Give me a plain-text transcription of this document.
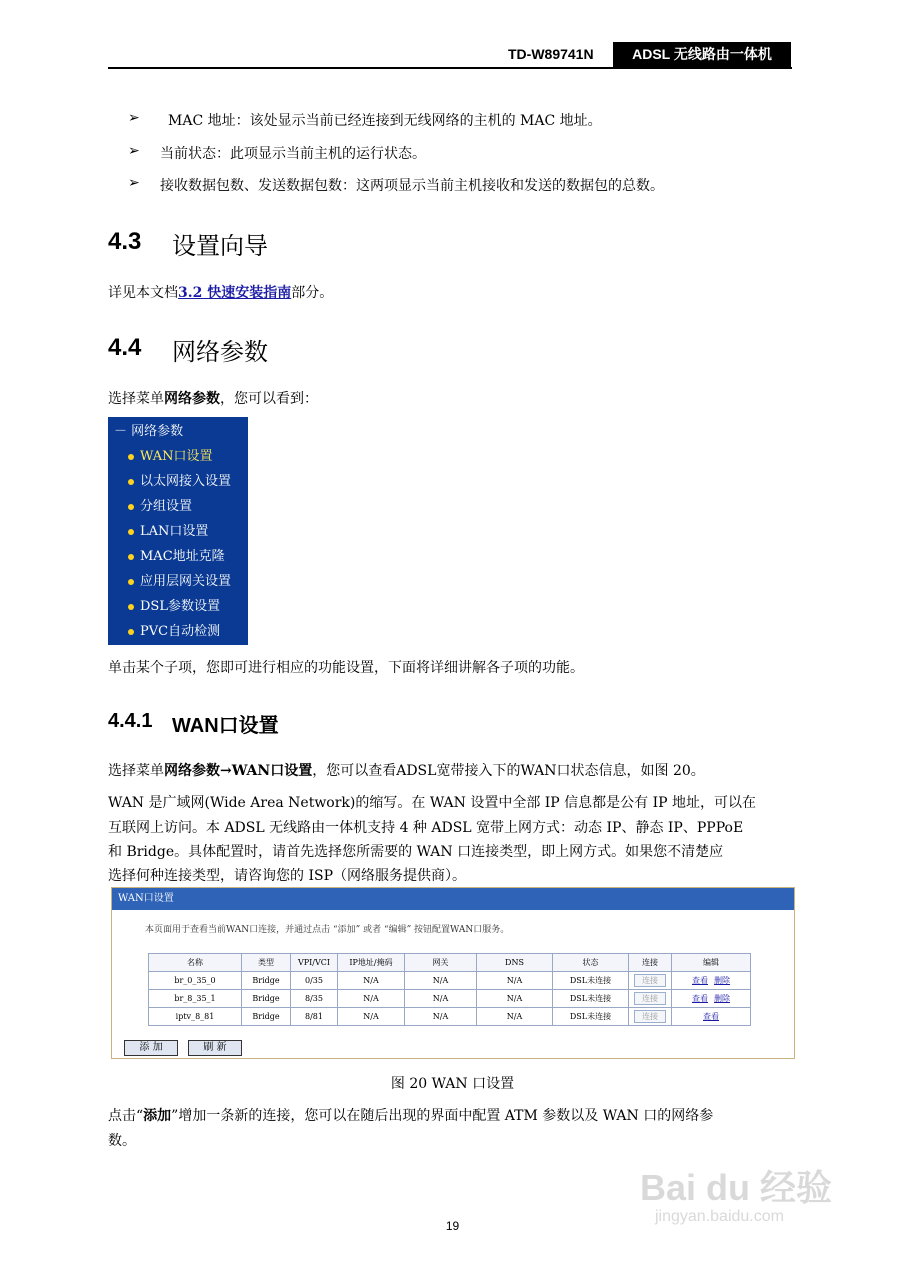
TD-W89741N	ADSL 无线路由一体机
➢ MAC 地址：该处显示当前已经连接到无线网络的主机的 MAC 地址。
➢ 当前状态：此项显示当前主机的运行状态。
➢ 接收数据包数、发送数据包数：这两项显示当前主机接收和发送的数据包的总数。
4.3 设置向导
详见本文档3.2 快速安装指南部分。
4.4 网络参数
选择菜单网络参数，您可以看到：
－ 网络参数
WAN口设置
以太网接入设置
分组设置
LAN口设置
MAC地址克隆
应用层网关设置
DSL参数设置
PVC自动检测
单击某个子项，您即可进行相应的功能设置，下面将详细讲解各子项的功能。
4.4.1 WAN口设置
选择菜单网络参数→WAN口设置，您可以查看ADSL宽带接入下的WAN口状态信息，如图 20。
WAN 是广域网(Wide Area Network)的缩写。在 WAN 设置中全部 IP 信息都是公有 IP 地址，可以在
互联网上访问。本 ADSL 无线路由一体机支持 4 种 ADSL 宽带上网方式：动态 IP、静态 IP、PPPoE
和 Bridge。具体配置时，请首先选择您所需要的 WAN 口连接类型，即上网方式。如果您不清楚应
选择何种连接类型，请咨询您的 ISP（网络服务提供商）。
WAN口设置
本页面用于查看当前WAN口连接，并通过点击 “添加” 或者 “编辑” 按钮配置WAN口服务。
名称	类型	VPI/VCI	IP地址/掩码	网关	DNS	状态	连接	编辑
br_0_35_0	Bridge	0/35	N/A	N/A	N/A	DSL未连接	连接	查看 删除
br_8_35_1	Bridge	8/35	N/A	N/A	N/A	DSL未连接	连接	查看 删除
iptv_8_81	Bridge	8/81	N/A	N/A	N/A	DSL未连接	连接	查看
添 加	刷 新
图 20 WAN 口设置
点击“添加”增加一条新的连接，您可以在随后出现的界面中配置 ATM 参数以及 WAN 口的网络参
数。
19
Bai du 经验
jingyan.baidu.com
